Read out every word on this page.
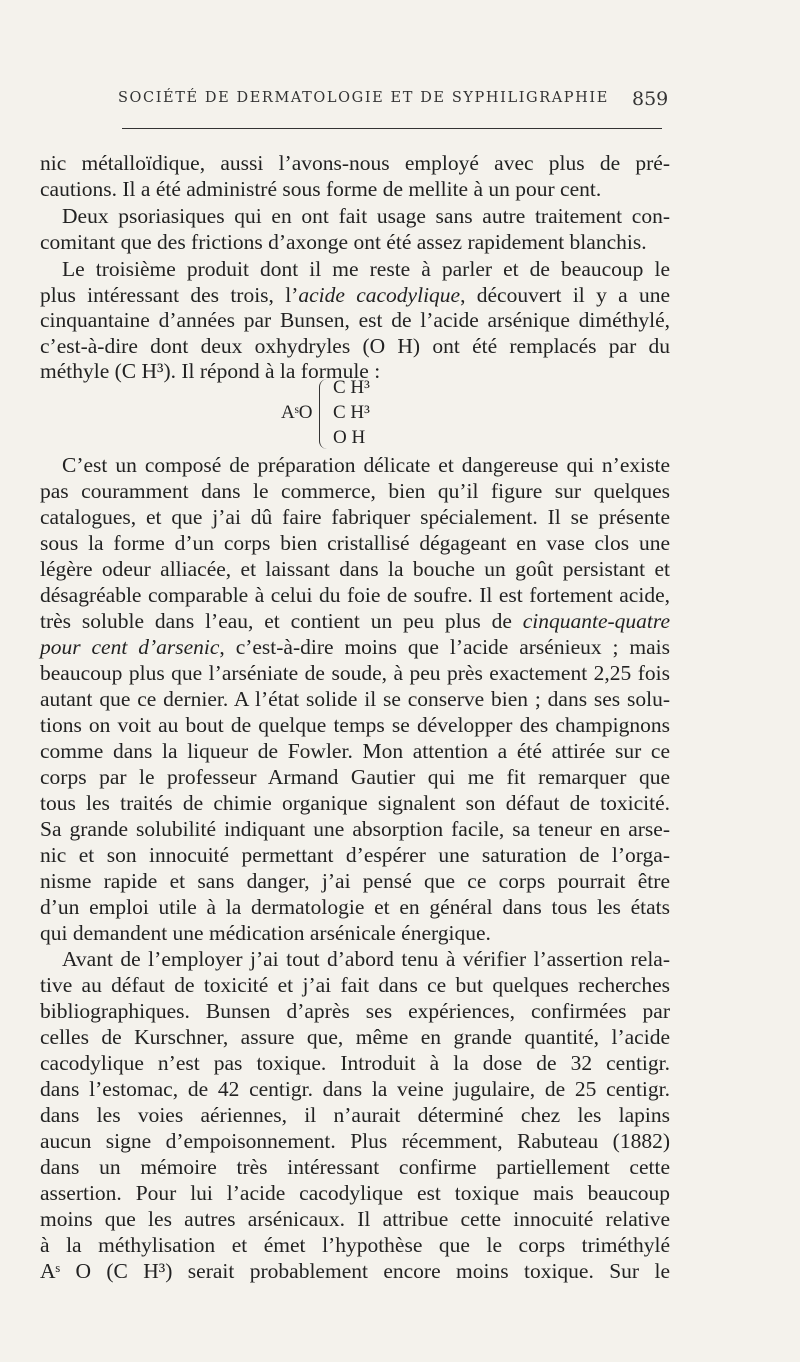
SOCIÉTÉ DE DERMATOLOGIE ET DE SYPHILIGRAPHIE	859
nic métalloïdique, aussi l’avons-nous employé avec plus de pré-
cautions. Il a été administré sous forme de mellite à un pour cent.
Deux psoriasiques qui en ont fait usage sans autre traitement con-
comitant que des frictions d’axonge ont été assez rapidement blanchis.
Le troisième produit dont il me reste à parler et de beaucoup le
plus intéressant des trois, l’acide cacodylique, découvert il y a une
cinquantaine d’années par Bunsen, est de l’acide arsénique diméthylé,
c’est-à-dire dont deux oxhydryles (O H) ont été remplacés par du
méthyle (C H³). Il répond à la formule :
AˢO
C H³
C H³
O H
C’est un composé de préparation délicate et dangereuse qui n’existe
pas couramment dans le commerce, bien qu’il figure sur quelques
catalogues, et que j’ai dû faire fabriquer spécialement. Il se présente
sous la forme d’un corps bien cristallisé dégageant en vase clos une
légère odeur alliacée, et laissant dans la bouche un goût persistant et
désagréable comparable à celui du foie de soufre. Il est fortement acide,
très soluble dans l’eau, et contient un peu plus de cinquante-quatre
pour cent d’arsenic, c’est-à-dire moins que l’acide arsénieux ; mais
beaucoup plus que l’arséniate de soude, à peu près exactement 2,25 fois
autant que ce dernier. A l’état solide il se conserve bien ; dans ses solu-
tions on voit au bout de quelque temps se développer des champignons
comme dans la liqueur de Fowler. Mon attention a été attirée sur ce
corps par le professeur Armand Gautier qui me fit remarquer que
tous les traités de chimie organique signalent son défaut de toxicité.
Sa grande solubilité indiquant une absorption facile, sa teneur en arse-
nic et son innocuité permettant d’espérer une saturation de l’orga-
nisme rapide et sans danger, j’ai pensé que ce corps pourrait être
d’un emploi utile à la dermatologie et en général dans tous les états
qui demandent une médication arsénicale énergique.
Avant de l’employer j’ai tout d’abord tenu à vérifier l’assertion rela-
tive au défaut de toxicité et j’ai fait dans ce but quelques recherches
bibliographiques. Bunsen d’après ses expériences, confirmées par
celles de Kurschner, assure que, même en grande quantité, l’acide
cacodylique n’est pas toxique. Introduit à la dose de 32 centigr.
dans l’estomac, de 42 centigr. dans la veine jugulaire, de 25 centigr.
dans les voies aériennes, il n’aurait déterminé chez les lapins
aucun signe d’empoisonnement. Plus récemment, Rabuteau (1882)
dans un mémoire très intéressant confirme partiellement cette
assertion. Pour lui l’acide cacodylique est toxique mais beaucoup
moins que les autres arsénicaux. Il attribue cette innocuité relative
à la méthylisation et émet l’hypothèse que le corps triméthylé
Aˢ O (C H³) serait probablement encore moins toxique. Sur le
